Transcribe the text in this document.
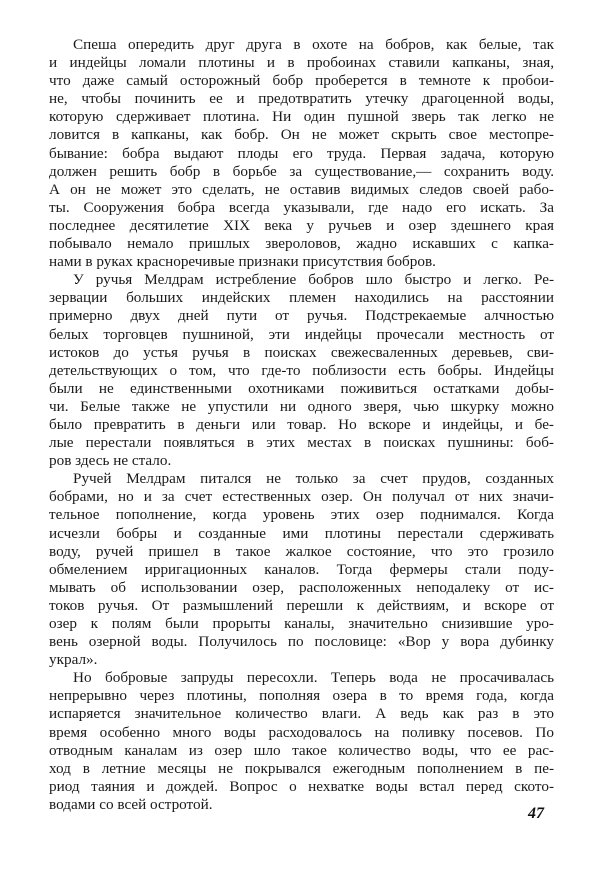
Спеша опередить друг друга в охоте на бобров, как белые, так
и индейцы ломали плотины и в пробоинах ставили капканы, зная,
что даже самый осторожный бобр проберется в темноте к пробои-
не, чтобы починить ее и предотвратить утечку драгоценной воды,
которую сдерживает плотина. Ни один пушной зверь так легко не
ловится в капканы, как бобр. Он не может скрыть свое местопре-
бывание: бобра выдают плоды его труда. Первая задача, которую
должен решить бобр в борьбе за существование,— сохранить воду.
А он не может это сделать, не оставив видимых следов своей рабо-
ты. Сооружения бобра всегда указывали, где надо его искать. За
последнее десятилетие XIX века у ручьев и озер здешнего края
побывало немало пришлых звероловов, жадно искавших с капка-
нами в руках красноречивые признаки присутствия бобров.
У ручья Мелдрам истребление бобров шло быстро и легко. Ре-
зервации больших индейских племен находились на расстоянии
примерно двух дней пути от ручья. Подстрекаемые алчностью
белых торговцев пушниной, эти индейцы прочесали местность от
истоков до устья ручья в поисках свежесваленных деревьев, сви-
детельствующих о том, что где-то поблизости есть бобры. Индейцы
были не единственными охотниками поживиться остатками добы-
чи. Белые также не упустили ни одного зверя, чью шкурку можно
было превратить в деньги или товар. Но вскоре и индейцы, и бе-
лые перестали появляться в этих местах в поисках пушнины: боб-
ров здесь не стало.
Ручей Мелдрам питался не только за счет прудов, созданных
бобрами, но и за счет естественных озер. Он получал от них значи-
тельное пополнение, когда уровень этих озер поднимался. Когда
исчезли бобры и созданные ими плотины перестали сдерживать
воду, ручей пришел в такое жалкое состояние, что это грозило
обмелением ирригационных каналов. Тогда фермеры стали поду-
мывать об использовании озер, расположенных неподалеку от ис-
токов ручья. От размышлений перешли к действиям, и вскоре от
озер к полям были прорыты каналы, значительно снизившие уро-
вень озерной воды. Получилось по пословице: «Вор у вора дубинку
украл».
Но бобровые запруды пересохли. Теперь вода не просачивалась
непрерывно через плотины, пополняя озера в то время года, когда
испаряется значительное количество влаги. А ведь как раз в это
время особенно много воды расходовалось на поливку посевов. По
отводным каналам из озер шло такое количество воды, что ее рас-
ход в летние месяцы не покрывался ежегодным пополнением в пе-
риод таяния и дождей. Вопрос о нехватке воды встал перед ското-
водами со всей остротой.
47
